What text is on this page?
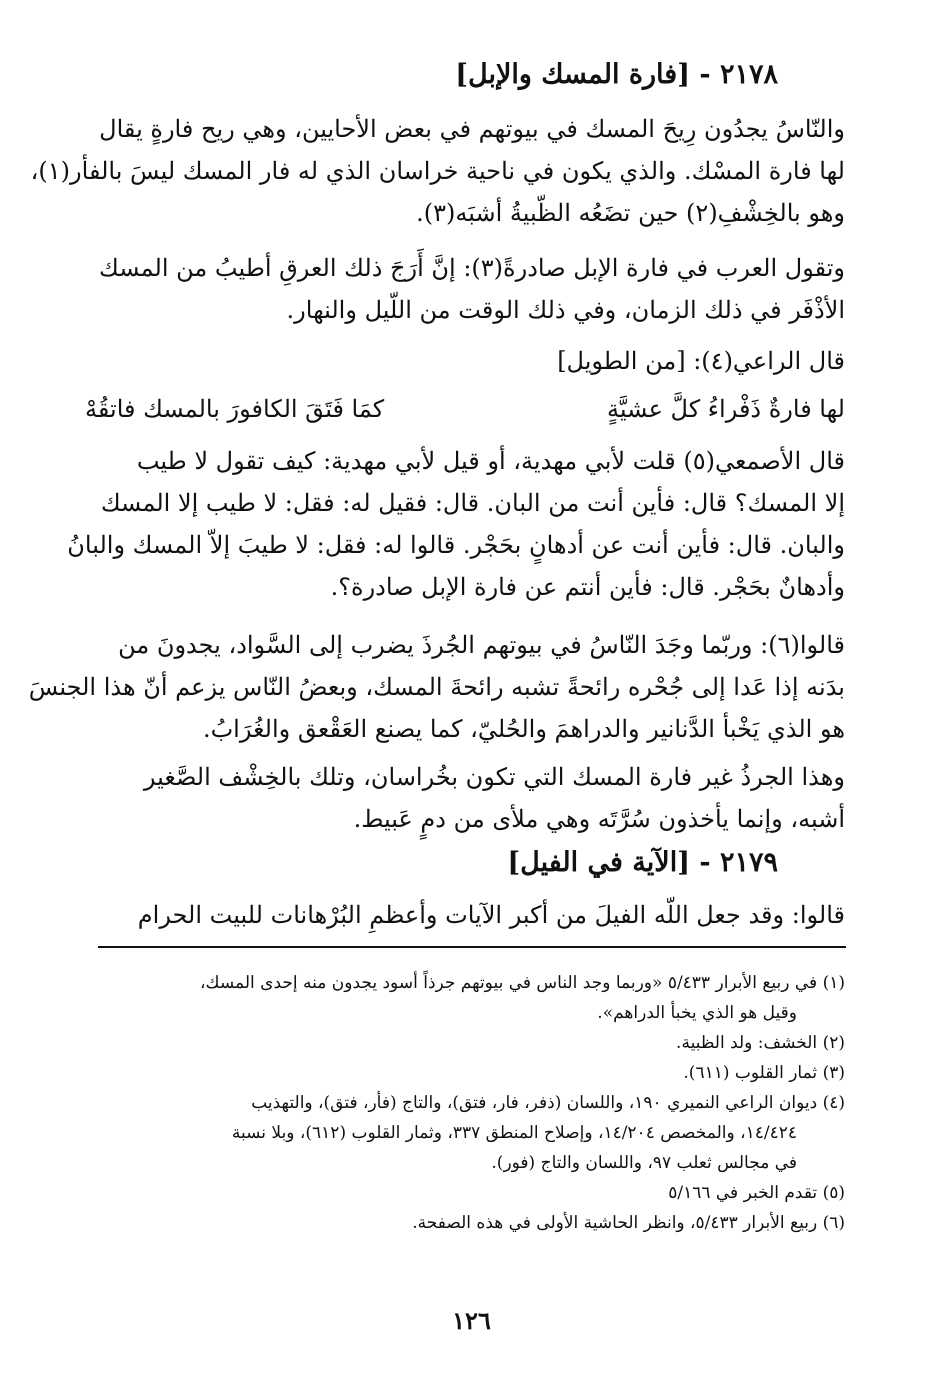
٢١٧٨ - [فارة المسك والإبل]
والنّاسُ يجدُون رِيحَ المسك في بيوتهم في بعض الأحايين، وهي ريح فارةٍ يقال
لها فارة المسْك. والذي يكون في ناحية خراسان الذي له فار المسك ليسَ بالفأر(١)،
وهو بالخِشْفِ(٢) حين تضَعُه الظّبيةُ أشبَه(٣).
وتقول العرب في فارة الإبل صادرةً(٣): إنَّ أَرَجَ ذلك العرقِ أطيبُ من المسك
الأذْفَر في ذلك الزمان، وفي ذلك الوقت من اللّيل والنهار.
قال الراعي(٤): [من الطويل]
لها فارةٌ ذَفْراءُ كلَّ عشيَّةٍ
كمَا فَتَقَ الكافورَ بالمسك فاتقُهْ
قال الأصمعي(٥) قلت لأبي مهدية، أو قيل لأبي مهدية: كيف تقول لا طيب
إلا المسك؟ قال: فأين أنت من البان. قال: فقيل له: فقل: لا طيب إلا المسك
والبان. قال: فأين أنت عن أدهانٍ بحَجْر. قالوا له: فقل: لا طيبَ إلاّ المسك والبانُ
وأدهانٌ بحَجْر. قال: فأين أنتم عن فارة الإبل صادرة؟.
قالوا(٦): وربّما وجَدَ النّاسُ في بيوتهم الجُرذَ يضرب إلى السَّواد، يجدونَ من
بدَنه إذا عَدا إلى جُحْره رائحةً تشبه رائحةَ المسك، وبعضُ النّاس يزعم أنّ هذا الجنسَ
هو الذي يَخْبأ الدَّنانير والدراهمَ والحُليّ، كما يصنع العَقْعق والغُرَابُ.
وهذا الجرذُ غير فارة المسك التي تكون بخُراسان، وتلك بالخِشْف الصَّغير
أشبه، وإنما يأخذون سُرَّتَه وهي ملأى من دمٍ عَبيط.
٢١٧٩ - [الآية في الفيل]
قالوا: وقد جعل اللّه الفيلَ من أكبر الآيات وأعظمِ البُرْهانات للبيت الحرام
(١) في ربيع الأبرار ٥/٤٣٣ «وربما وجد الناس في بيوتهم جرذاً أسود يجدون منه إحدى المسك،
وقيل هو الذي يخبأ الدراهم».
(٢) الخشف: ولد الظبية.
(٣) ثمار القلوب (٦١١).
(٤) ديوان الراعي النميري ١٩٠، واللسان (ذفر، فار، فتق)، والتاج (فأر، فتق)، والتهذيب
١٤/٤٢٤، والمخصص ١٤/٢٠٤، وإصلاح المنطق ٣٣٧، وثمار القلوب (٦١٢)، وبلا نسبة
في مجالس ثعلب ٩٧، واللسان والتاج (فور).
(٥) تقدم الخبر في ٥/١٦٦
(٦) ربيع الأبرار ٥/٤٣٣، وانظر الحاشية الأولى في هذه الصفحة.
١٢٦
